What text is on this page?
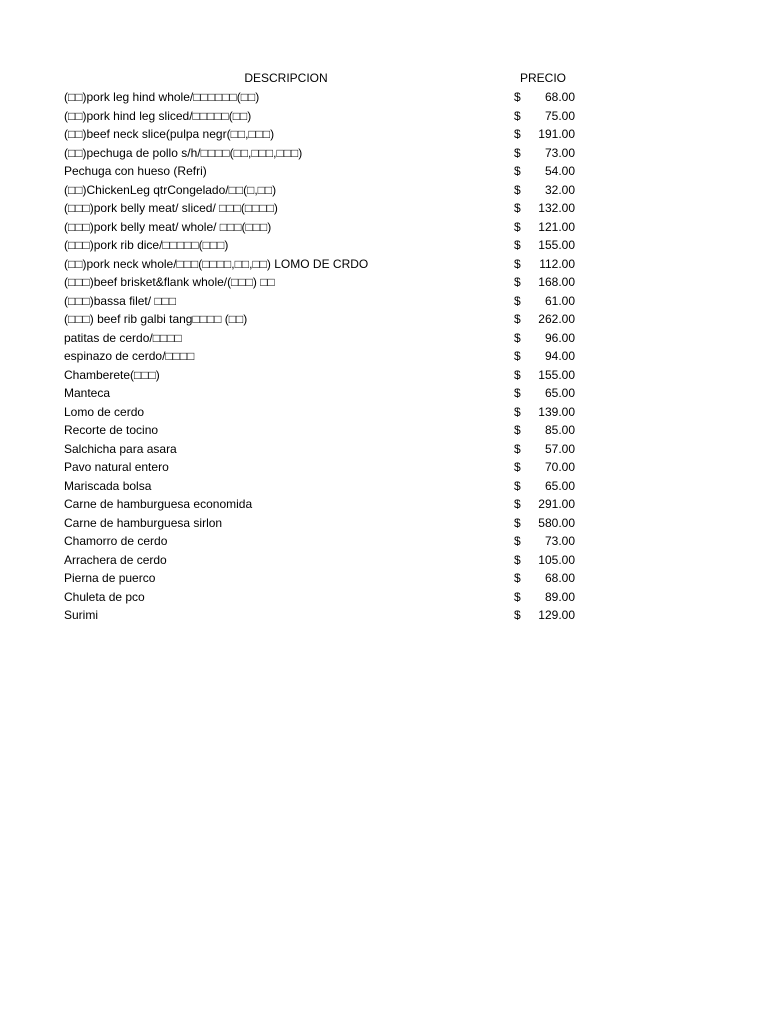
DESCRIPCION	PRECIO
(□□)pork leg hind whole/□□□□□□(□□)	$	68.00
(□□)pork hind leg sliced/□□□□□(□□)	$	75.00
(□□)beef neck slice(pulpa negr(□□,□□□)	$	191.00
(□□)pechuga de pollo s/h/□□□□(□□,□□□,□□□)	$	73.00
Pechuga con hueso (Refri)	$	54.00
(□□)ChickenLeg qtrCongelado/□□(□,□□)	$	32.00
(□□□)pork belly meat/ sliced/ □□□(□□□□)	$	132.00
(□□□)pork belly meat/ whole/ □□□(□□□)	$	121.00
(□□□)pork rib dice/□□□□□(□□□)	$	155.00
(□□)pork neck whole/□□□(□□□□,□□,□□) LOMO DE CRDO	$	112.00
(□□□)beef brisket&flank whole/(□□□) □□	$	168.00
(□□□)bassa filet/ □□□	$	61.00
(□□□) beef rib galbi tang□□□□ (□□)	$	262.00
patitas de cerdo/□□□□	$	96.00
espinazo de cerdo/□□□□	$	94.00
Chamberete(□□□)	$	155.00
Manteca	$	65.00
Lomo de cerdo	$	139.00
Recorte de tocino	$	85.00
Salchicha para asara	$	57.00
Pavo natural entero	$	70.00
Mariscada bolsa	$	65.00
Carne de hamburguesa economida	$	291.00
Carne de hamburguesa sirlon	$	580.00
Chamorro de cerdo	$	73.00
Arrachera de cerdo	$	105.00
Pierna de puerco	$	68.00
Chuleta de pco	$	89.00
Surimi	$	129.00
